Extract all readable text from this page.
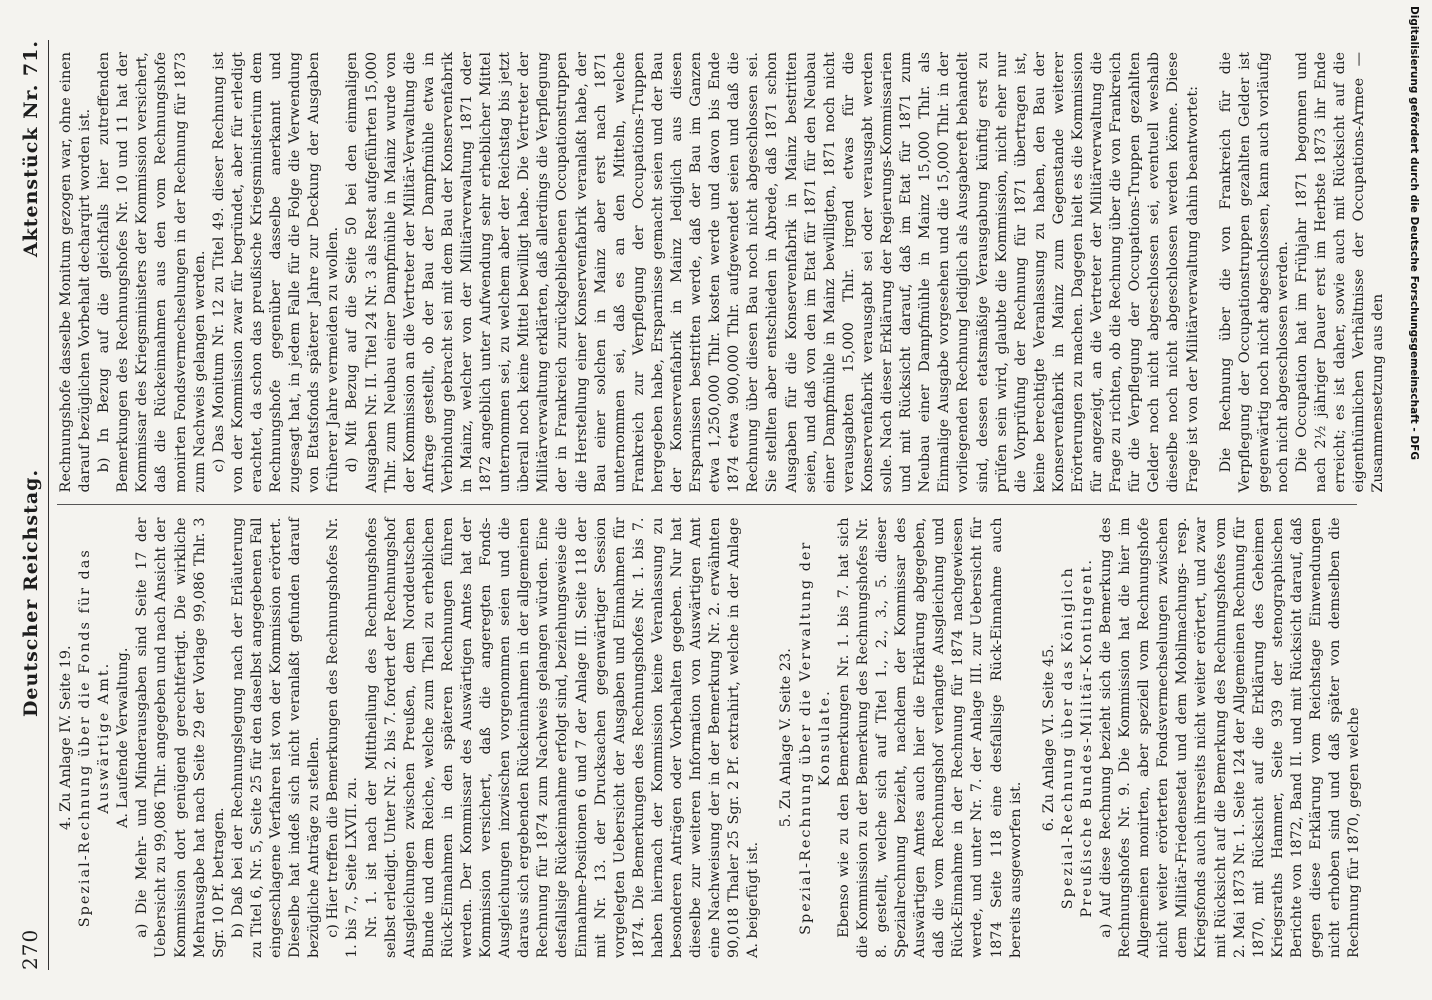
270
Deutscher Reichstag.
Aktenstück Nr. 71.

4. Zu Anlage IV. Seite 19. Spezial-Rechnung über die Fonds für das Auswärtige Amt. A. Laufende Verwaltung. a) Die Mehr- und Minderausgaben sind Seite 17 der Uebersicht zu 99,086 Thlr. angegeben und nach Ansicht der Kommission dort genügend gerechtfertigt. Die wirkliche Mehrausgabe hat nach Seite 29 der Vorlage 99,086 Thlr. 3 Sgr. 10 Pf. betragen. b) Daß bei der Rechnungslegung nach der Erläuterung zu Titel 6, Nr. 5, Seite 25 für den daselbst angegebenen Fall eingeschlagene Verfahren ist von der Kommission erörtert. Dieselbe hat indeß sich nicht veranlaßt gefunden darauf bezügliche Anträge zu stellen. c) Hier treffen die Bemerkungen des Rechnungshofes Nr. 1. bis 7., Seite LXVII. zu. Nr. 1. ist nach der Mittheilung des Rechnungshofes selbst erledigt. Unter Nr. 2. bis 7. fordert der Rechnungshof Ausgleichungen zwischen Preußen, dem Norddeutschen Bunde und dem Reiche, welche zum Theil zu erheblichen Rück-Einnahmen in den späteren Rechnungen führen werden. Der Kommissar des Auswärtigen Amtes hat der Kommission versichert, daß die angeregten Fonds-Ausgleichungen inzwischen vorgenommen seien und die daraus sich ergebenden Rückeinnahmen in der allgemeinen Rechnung für 1874 zum Nachweis gelangen würden. Eine desfallsige Rückeinnahme erfolgt sind, beziehungsweise die Einnahme-Positionen 6 und 7 der Anlage III. Seite 118 der mit Nr. 13. der Drucksachen gegenwärtiger Session vorgelegten Uebersicht der Ausgaben und Einnahmen für 1874. Die Bemerkungen des Rechnungshofes Nr. 1. bis 7. haben hiernach der Kommission keine Veranlassung zu besonderen Anträgen oder Vorbehalten gegeben. Nur hat dieselbe zur weiteren Information von Auswärtigen Amt eine Nachweisung der in der Bemerkung Nr. 2. erwähnten 90,018 Thaler 25 Sgr. 2 Pf. extrahirt, welche in der Anlage A. beigefügt ist.

5. Zu Anlage V. Seite 23. Spezial-Rechnung über die Verwaltung der Konsulate. Ebenso wie zu den Bemerkungen Nr. 1. bis 7. hat sich die Kommission zu der Bemerkung des Rechnungshofes Nr. 8. gestellt, welche sich auf Titel 1., 2., 3., 5. dieser Spezialrechnung bezieht, nachdem der Kommissar des Auswärtigen Amtes auch hier die Erklärung abgegeben, daß die vom Rechnungshof verlangte Ausgleichung und Rück-Einnahme in der Rechnung für 1874 nachgewiesen werde, und unter Nr. 7. der Anlage III. zur Uebersicht für 1874 Seite 118 eine desfallsige Rück-Einnahme auch bereits ausgeworfen ist.

6. Zu Anlage VI. Seite 45. Spezial-Rechnung über das Königlich Preußische Bundes-Militär-Kontingent. a) Auf diese Rechnung bezieht sich die Bemerkung des Rechnungshofes Nr. 9. Die Kommission hat die hier im Allgemeinen monirten, aber speziell vom Rechnungshofe nicht weiter erörterten Fondsvermechselungen zwischen dem Militär-Friedensetat und dem Mobilmachungs- resp. Kriegsfonds auch ihrerseits nicht weiter erörtert, und zwar mit Rücksicht auf die Bemerkung des Rechnungshofes vom 2. Mai 1873 Nr. 1. Seite 124 der Allgemeinen Rechnung für 1870, mit Rücksicht auf die Erklärung des Geheimen Kriegsraths Hammer, Seite 939 der stenographischen Berichte von 1872, Band II. und mit Rücksicht darauf, daß gegen diese Erklärung vom Reichstage Einwendungen nicht erhoben sind und daß später von demselben die Rechnung für 1870, gegen welche

Rechnungshofe dasselbe Monitum gezogen war, ohne einen darauf bezüglichen Vorbehalt decharqirt worden ist. b) In Bezug auf die gleichfalls hier zutreffenden Bemerkungen des Rechnungshofes Nr. 10 und 11 hat der Kommissar des Kriegsministers der Kommission versichert, daß die Rückeinnahmen aus den vom Rechnungshofe monirten Fondsvermechselungen in der Rechnung für 1873 zum Nachweis gelangen werden. c) Das Monitum Nr. 12 zu Titel 49. dieser Rechnung ist von der Kommission zwar für begründet, aber für erledigt erachtet, da schon das preußische Kriegsministerium dem Rechnungshofe gegenüber dasselbe anerkannt und zugesagt hat, in jedem Falle für die Folge die Verwendung von Etatsfonds späterer Jahre zur Deckung der Ausgaben früherer Jahre vermeiden zu wollen. d) Mit Bezug auf die Seite 50 bei den einmaligen Ausgaben Nr. II. Titel 24 Nr. 3 als Rest aufgeführten 15,000 Thlr. zum Neubau einer Dampfmühle in Mainz wurde von der Kommission an die Vertreter der Militär-Verwaltung die Anfrage gestellt, ob der Bau der Dampfmühle etwa in Verbindung gebracht sei mit dem Bau der Konservenfabrik in Mainz, welcher von der Militärverwaltung 1871 oder 1872 angeblich unter Aufwendung sehr erheblicher Mittel unternommen sei, zu welchem aber der Reichstag bis jetzt überall noch keine Mittel bewilligt habe. Die Vertreter der Militärverwaltung erklärten, daß allerdings die Verpflegung der in Frankreich zurückgebliebenen Occupationstruppen die Herstellung einer Konservenfabrik veranlaßt habe, der Bau einer solchen in Mainz aber erst nach 1871 unternommen sei, daß es an den Mitteln, welche Frankreich zur Verpflegung der Occupations-Truppen hergegeben habe, Ersparnisse gemacht seien und der Bau der Konservenfabrik in Mainz lediglich aus diesen Ersparnissen bestritten werde, daß der Bau im Ganzen etwa 1,250,000 Thlr. kosten werde und davon bis Ende 1874 etwa 900,000 Thlr. aufgewendet seien und daß die Rechnung über diesen Bau noch nicht abgeschlossen sei. Sie stellten aber entschieden in Abrede, daß 1871 schon Ausgaben für die Konservenfabrik in Mainz bestritten seien, und daß von den im Etat für 1871 für den Neubau einer Dampfmühle in Mainz bewilligten, 1871 noch nicht verausgabten 15,000 Thlr. irgend etwas für die Konservenfabrik verausgabt sei oder verausgabt werden solle. Nach dieser Erklärung der Regierungs-Kommissarien und mit Rücksicht darauf, daß im Etat für 1871 zum Neubau einer Dampfmühle in Mainz 15,000 Thlr. als Einmalige Ausgabe vorgesehen und die 15,000 Thlr. in der vorliegenden Rechnung lediglich als Ausgabereft behandelt sind, dessen etatsmäßige Verausgabung künftig erst zu prüfen sein wird, glaubte die Kommission, nicht eher nur die Vorprüfung der Rechnung für 1871 übertragen ist, keine berechtigte Veranlassung zu haben, den Bau der Konservenfabrik in Mainz zum Gegenstande weiterer Erörterungen zu machen. Dagegen hielt es die Kommission für angezeigt, an die Vertreter der Militärverwaltung die Frage zu richten, ob die Rechnung über die von Frankreich für die Verpflegung der Occupations-Truppen gezahlten Gelder noch nicht abgeschlossen sei, eventuell weshalb dieselbe noch nicht abgeschlossen werden könne. Diese Frage ist von der Militärverwaltung dahin beantwortet: Die Rechnung über die von Frankreich für die Verpflegung der Occupationstruppen gezahlten Gelder ist gegenwärtig noch nicht abgeschlossen, kann auch vorläufig noch nicht abgeschlossen werden. Die Occupation hat im Frühjahr 1871 begonnen und nach 2½ jähriger Dauer erst im Herbste 1873 ihr Ende erreicht; es ist daher, sowie auch mit Rücksicht auf die eigenthümlichen Verhältnisse der Occupations-Armee — Zusammensetzung aus den Digitalisierung gefördert durch die Deutsche Forschungsgemeinschaft - DFG
